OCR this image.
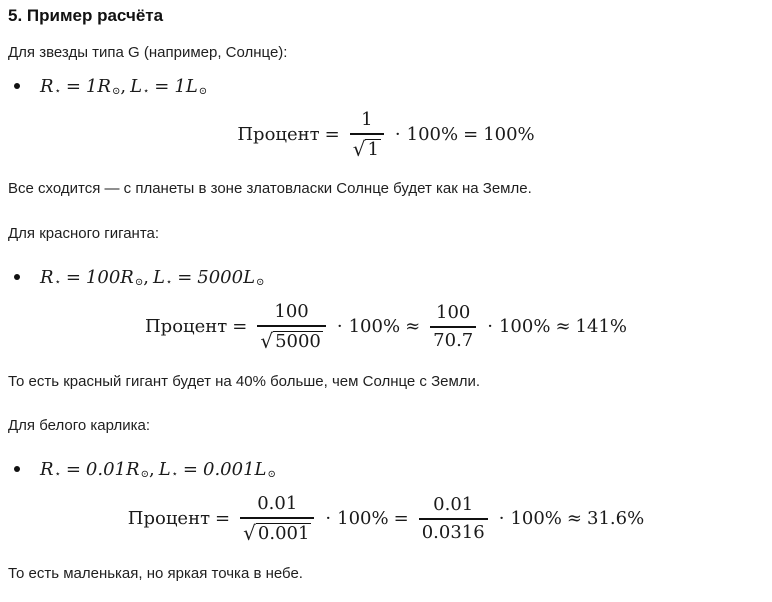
5. Пример расчёта
Для звезды типа G (например, Солнце):
R ⋆ = 1R ⊙ , L ⋆ = 1L ⊙
Процент = $\frac{1}{√ 1} \cdot 100\% = 100\%$
Все сходится — с планеты в зоне златовласки Солнце будет как на Земле.
Для красного гиганта:
R ⋆ = 100R ⊙ , L ⋆ = 5000L ⊙
Процент = $\frac{100}{√ 5000} \cdot 100\% \approx \frac{100}{70.7} \cdot 100\% \approx 141\%$
То есть красный гигант будет на 40% больше, чем Солнце с Земли.
Для белого карлика:
R ⋆ = 0.01R ⊙ , L ⋆ = 0.001L ⊙
Процент = $\frac{0.01}{√ 0.001} \cdot 100\% = \frac{0.01}{0.0316} \cdot 100\% \approx 31.6\%$
То есть маленькая, но яркая точка в небе.
